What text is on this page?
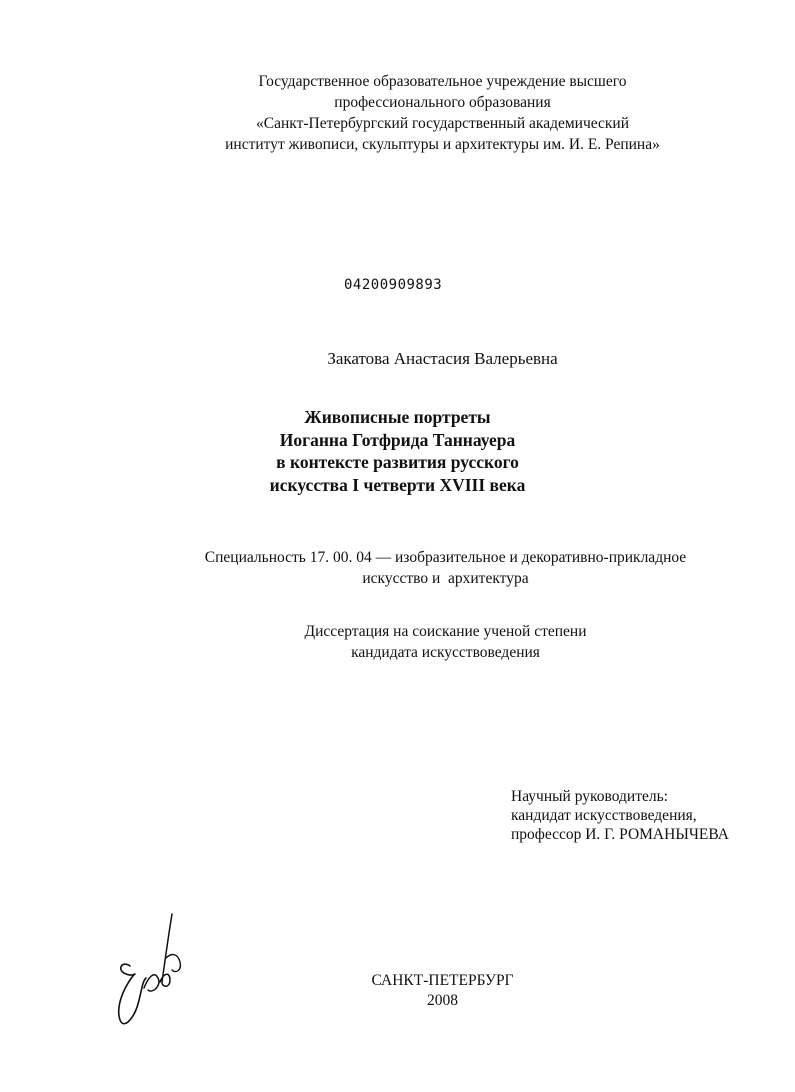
Государственное образовательное учреждение высшего
профессионального образования
«Санкт-Петербургский государственный академический
институт живописи, скульптуры и архитектуры им. И. Е. Репина»
04200909893
Закатова Анастасия Валерьевна
Живописные портреты
Иоганна Готфрида Таннауера
в контексте развития русского
искусства I четверти XVIII века
Специальность 17. 00. 04 — изобразительное и декоративно-прикладное
искусство и  архитектура
Диссертация на соискание ученой степени
кандидата искусствоведения
Научный руководитель:
кандидат искусствоведения,
профессор И. Г. РОМАНЫЧЕВА
САНКТ-ПЕТЕРБУРГ
2008
